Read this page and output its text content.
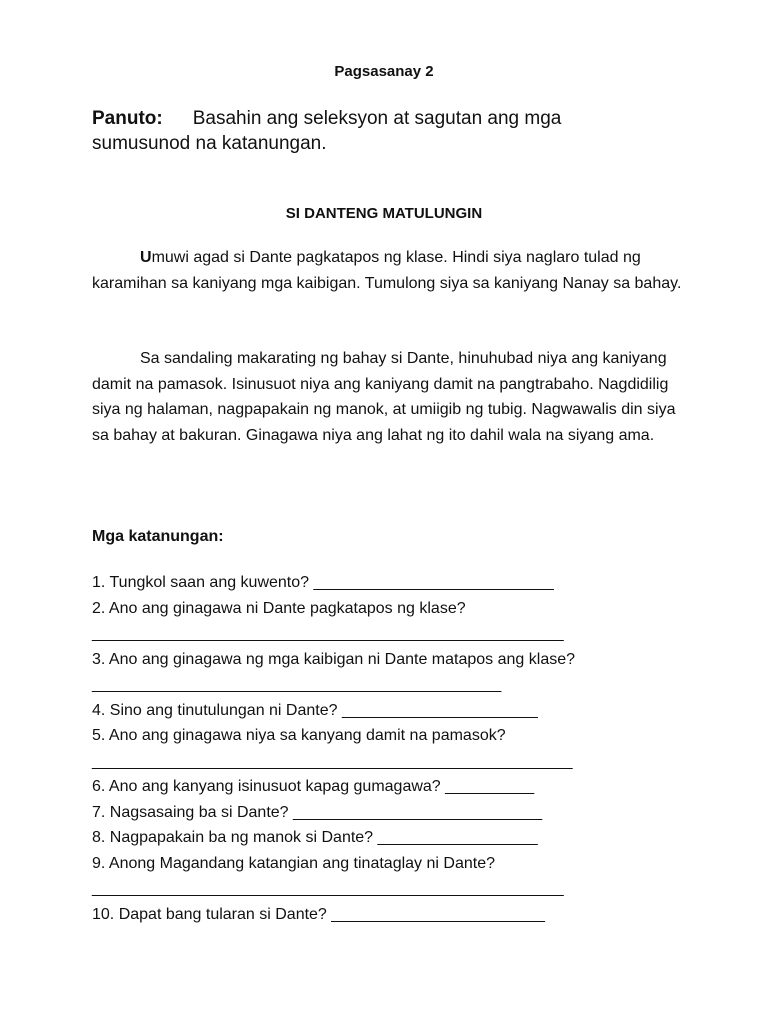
Pagsasanay 2

Panuto: Basahin ang seleksyon at sagutan ang mga sumusunod na katanungan.

SI DANTENG MATULUNGIN

Umuwi agad si Dante pagkatapos ng klase. Hindi siya naglaro tulad ng karamihan sa kaniyang mga kaibigan. Tumulong siya sa kaniyang Nanay sa bahay.

Sa sandaling makarating ng bahay si Dante, hinuhubad niya ang kaniyang damit na pamasok. Isinusuot niya ang kaniyang damit na pangtrabaho. Nagdidilig siya ng halaman, nagpapakain ng manok, at umiigib ng tubig. Nagwawalis din siya sa bahay at bakuran. Ginagawa niya ang lahat ng ito dahil wala na siyang ama.

Mga katanungan:
1. Tungkol saan ang kuwento? ___________________________
2. Ano ang ginagawa ni Dante pagkatapos ng klase?
_____________________________________________________
3. Ano ang ginagawa ng mga kaibigan ni Dante matapos ang klase?
______________________________________________
4. Sino ang tinutulungan ni Dante? ______________________
5. Ano ang ginagawa niya sa kanyang damit na pamasok?
______________________________________________________
6. Ano ang kanyang isinusuot kapag gumagawa? __________
7. Nagsasaing ba si Dante? ____________________________
8. Nagpapakain ba ng manok si Dante? __________________
9. Anong Magandang katangian ang tinataglay ni Dante?
_____________________________________________________
10. Dapat bang tularan si Dante? ________________________
